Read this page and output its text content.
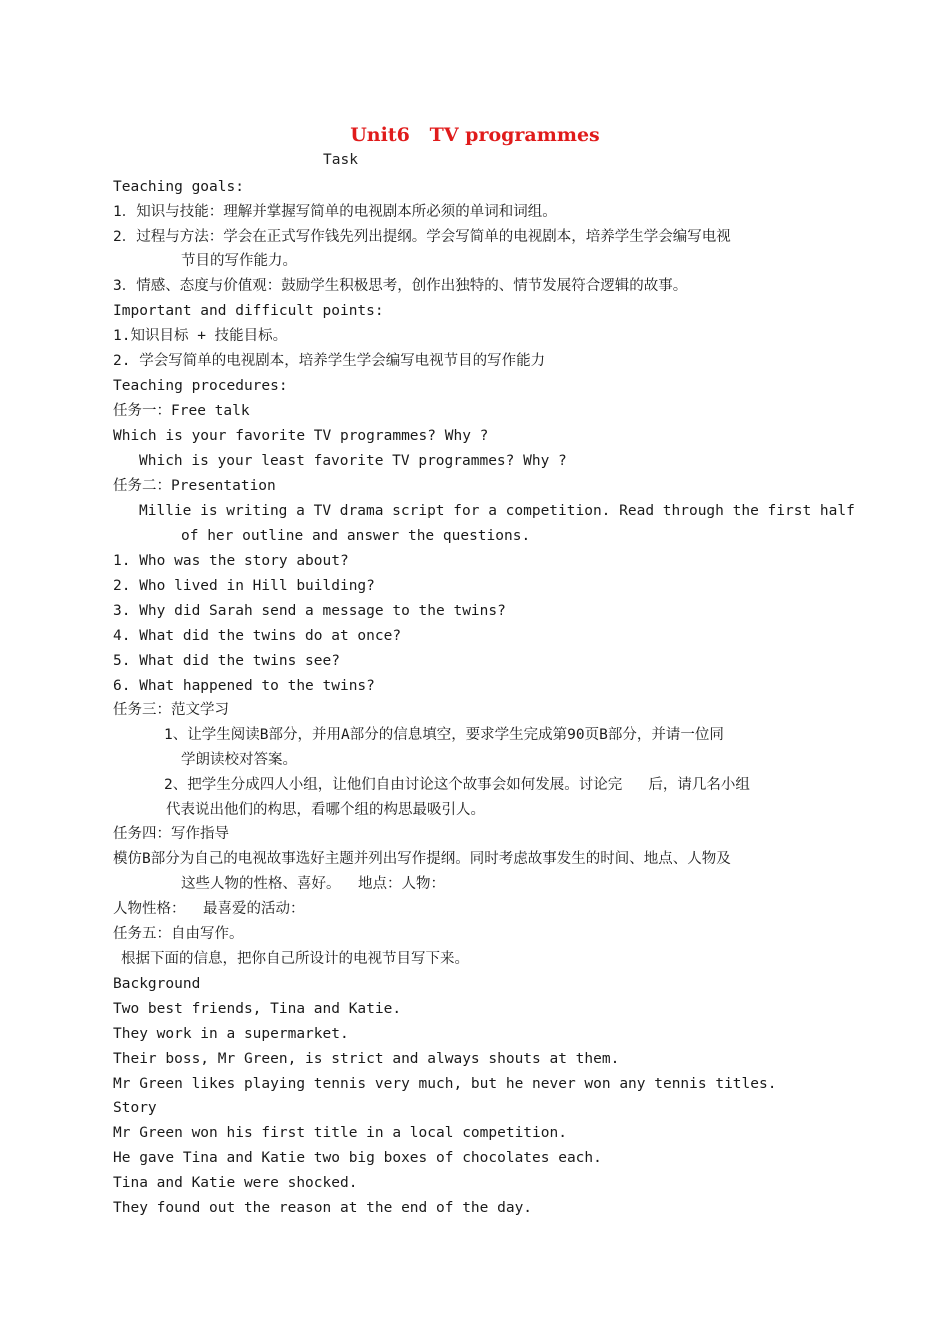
Unit6   TV programmes
Task
Teaching goals:
1．知识与技能：理解并掌握写简单的电视剧本所必须的单词和词组。
2．过程与方法：学会在正式写作钱先列出提纲。学会写简单的电视剧本，培养学生学会编写电视
节目的写作能力。
3．情感、态度与价值观：鼓励学生积极思考，创作出独特的、情节发展符合逻辑的故事。
Important and difficult points:
1.知识目标 + 技能目标。
2. 学会写简单的电视剧本，培养学生学会编写电视节目的写作能力
Teaching procedures:
任务一：Free talk
Which is your favorite TV programmes? Why ?
Which is your least favorite TV programmes? Why ?
任务二：Presentation
Millie is writing a TV drama script for a competition. Read through the first half
of her outline and answer the questions.
1. Who was the story about?
2. Who lived in Hill building?
3. Why did Sarah send a message to the twins?
4. What did the twins do at once?
5. What did the twins see?
6. What happened to the twins?
任务三：范文学习
1、让学生阅读B部分，并用A部分的信息填空，要求学生完成第90页B部分，并请一位同
学朗读校对答案。
2、把学生分成四人小组，让他们自由讨论这个故事会如何发展。讨论完   后，请几名小组
代表说出他们的构思，看哪个组的构思最吸引人。
任务四：写作指导
模仿B部分为自己的电视故事选好主题并列出写作提纲。同时考虑故事发生的时间、地点、人物及
这些人物的性格、喜好。  地点：人物：
人物性格：  最喜爱的活动：
任务五：自由写作。
根据下面的信息，把你自己所设计的电视节目写下来。
Background
Two best friends, Tina and Katie.
They work in a supermarket.
Their boss, Mr Green, is strict and always shouts at them.
Mr Green likes playing tennis very much, but he never won any tennis titles.
Story
Mr Green won his first title in a local competition.
He gave Tina and Katie two big boxes of chocolates each.
Tina and Katie were shocked.
They found out the reason at the end of the day.
